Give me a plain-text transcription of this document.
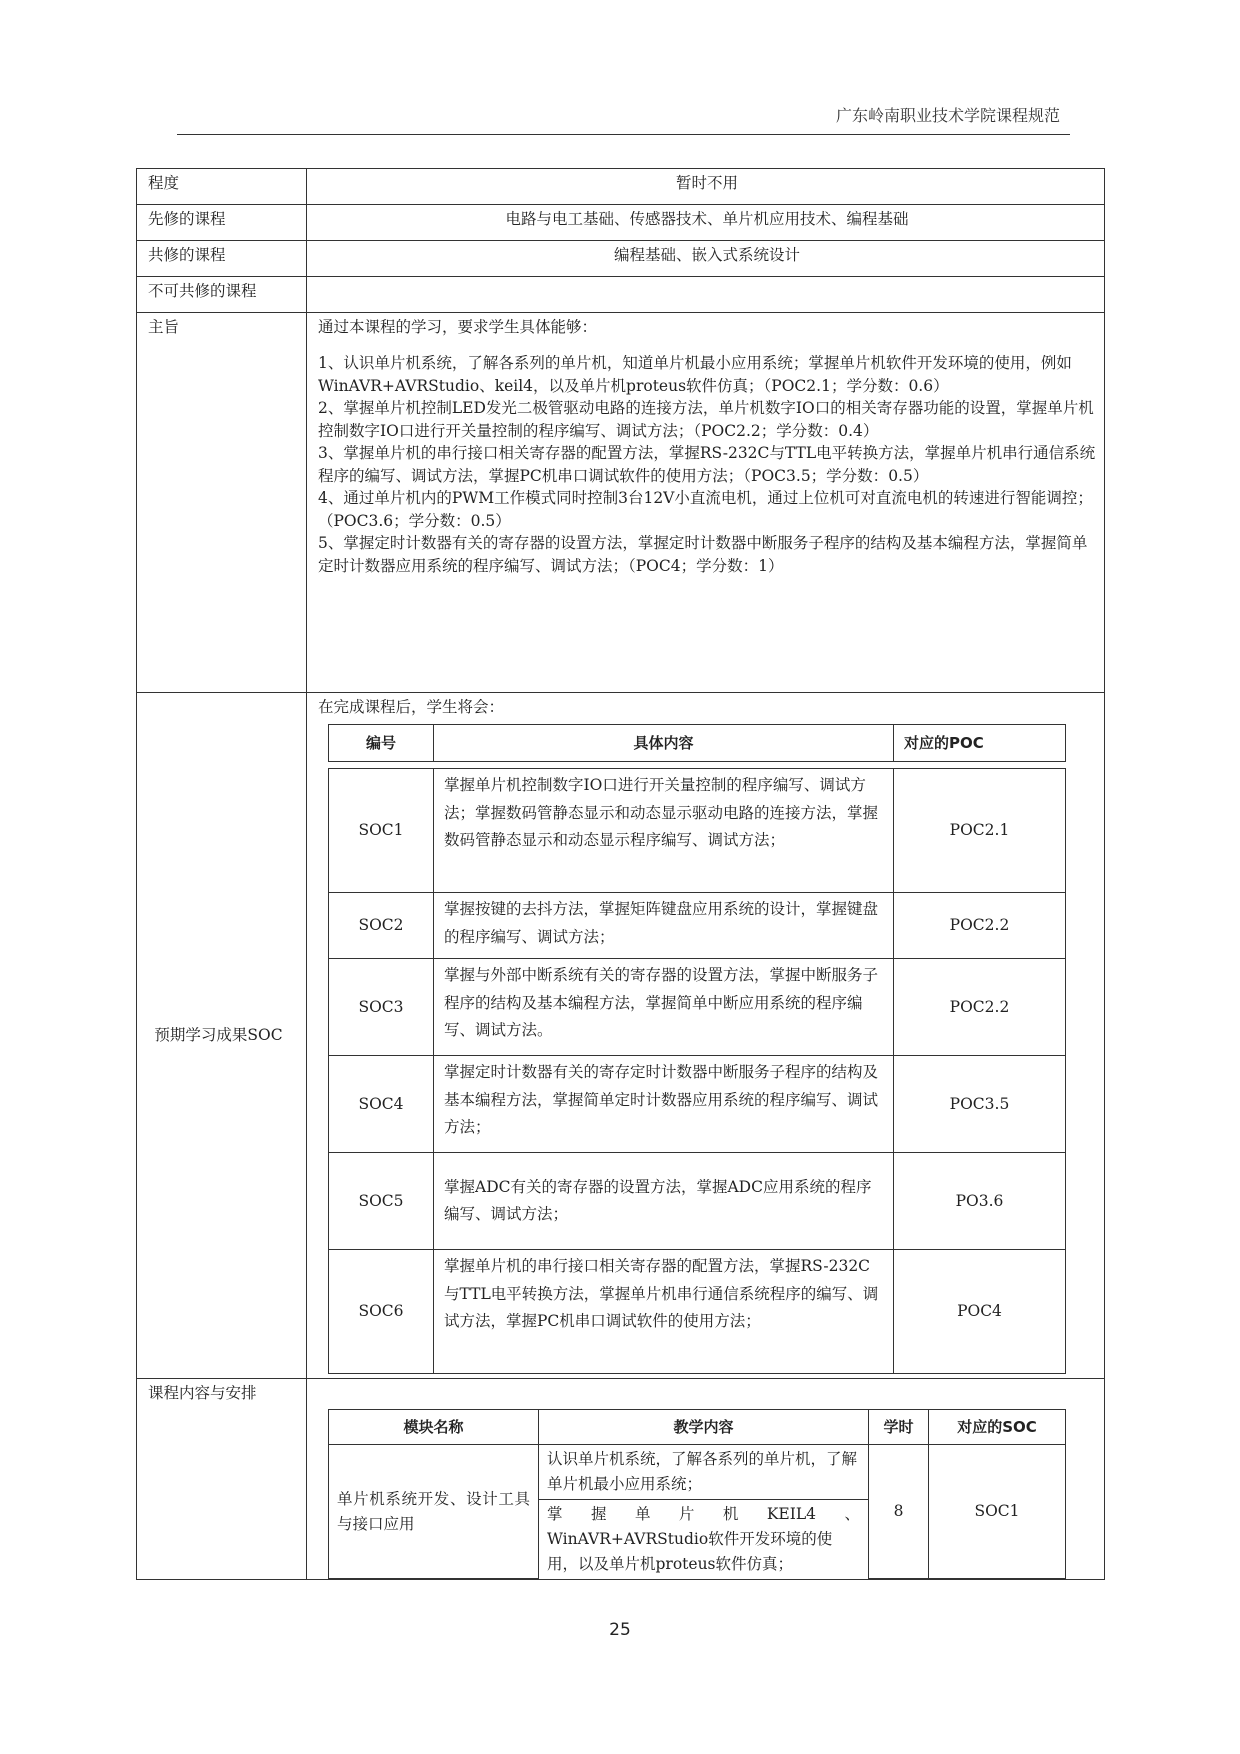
广东岭南职业技术学院课程规范
程度	暂时不用
先修的课程	电路与电工基础、传感器技术、单片机应用技术、编程基础
共修的课程	编程基础、嵌入式系统设计
不可共修的课程	
主旨	通过本课程的学习，要求学生具体能够：

1、认识单片机系统，了解各系列的单片机，知道单片机最小应用系统；掌握单片机软件开发环境的使用，例如WinAVR+AVRStudio、keil4，以及单片机proteus软件仿真；（POC2.1；学分数：0.6）

2、掌握单片机控制LED发光二极管驱动电路的连接方法，单片机数字IO口的相关寄存器功能的设置，掌握单片机控制数字IO口进行开关量控制的程序编写、调试方法；（POC2.2；学分数：0.4）

3、掌握单片机的串行接口相关寄存器的配置方法，掌握RS-232C与TTL电平转换方法，掌握单片机串行通信系统程序的编写、调试方法，掌握PC机串口调试软件的使用方法；（POC3.5；学分数：0.5）

4、通过单片机内的PWM工作模式同时控制3台12V小直流电机，通过上位机可对直流电机的转速进行智能调控；（POC3.6；学分数：0.5）

5、掌握定时计数器有关的寄存器的设置方法，掌握定时计数器中断服务子程序的结构及基本编程方法，掌握简单定时计数器应用系统的程序编写、调试方法；（POC4；学分数：1）

预期学习成果SOC	
在完成课程后，学生将会：
编号	具体内容	对应的POC

SOC1	掌握单片机控制数字IO口进行开关量控制的程序编写、调试方法；掌握数码管静态显示和动态显示驱动电路的连接方法，掌握数码管静态显示和动态显示程序编写、调试方法；	POC2.1
SOC2	掌握按键的去抖方法，掌握矩阵键盘应用系统的设计，掌握键盘的程序编写、调试方法；	POC2.2
SOC3	掌握与外部中断系统有关的寄存器的设置方法，掌握中断服务子程序的结构及基本编程方法，掌握简单中断应用系统的程序编写、调试方法。	POC2.2
SOC4	掌握定时计数器有关的寄存定时计数器中断服务子程序的结构及基本编程方法，掌握简单定时计数器应用系统的程序编写、调试方法；	POC3.5
SOC5	掌握ADC有关的寄存器的设置方法，掌握ADC应用系统的程序编写、调试方法；	PO3.6
SOC6	掌握单片机的串行接口相关寄存器的配置方法，掌握RS-232C与TTL电平转换方法，掌握单片机串行通信系统程序的编写、调试方法，掌握PC机串口调试软件的使用方法；	POC4

课程内容与安排	
模块名称	教学内容	学时	对应的SOC
单片机系统开发、设计工具与接口应用	认识单片机系统，了解各系列的单片机，了解单片机最小应用系统；	8	SOC1

掌握单片机KEIL4、
WinAVR+AVRStudio软件开发环境的使用，以及单片机proteus软件仿真；
25
